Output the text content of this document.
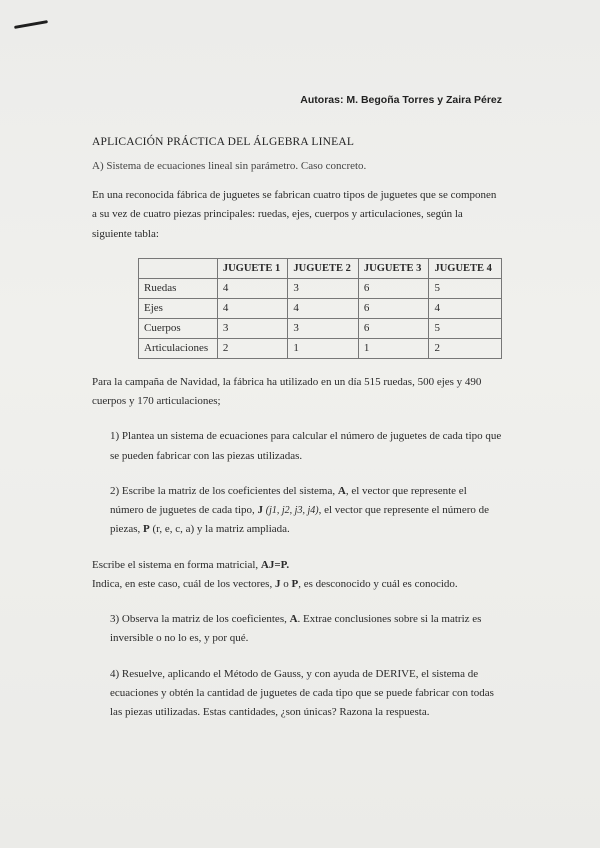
Autoras: M. Begoña Torres y Zaira Pérez
APLICACIÓN PRÁCTICA DEL ÁLGEBRA LINEAL

A) Sistema de ecuaciones lineal sin parámetro. Caso concreto.

En una reconocida fábrica de juguetes se fabrican cuatro tipos de juguetes que se componen a su vez de cuatro piezas principales: ruedas, ejes, cuerpos y articulaciones, según la siguiente tabla:

	JUGUETE 1	JUGUETE 2	JUGUETE 3	JUGUETE 4
Ruedas	4	3	6	5
Ejes	4	4	6	4
Cuerpos	3	3	6	5
Articulaciones	2	1	1	2

Para la campaña de Navidad, la fábrica ha utilizado en un día 515 ruedas, 500 ejes y 490 cuerpos y 170 articulaciones;

1) Plantea un sistema de ecuaciones para calcular el número de juguetes de cada tipo que se pueden fabricar con las piezas utilizadas.

2) Escribe la matriz de los coeficientes del sistema, A, el vector que represente el número de juguetes de cada tipo, J (j1, j2, j3, j4), el vector que represente el número de piezas, P (r, e, c, a) y la matriz ampliada.

Escribe el sistema en forma matricial, AJ=P.
Indica, en este caso, cuál de los vectores, J o P, es desconocido y cuál es conocido.

3) Observa la matriz de los coeficientes, A. Extrae conclusiones sobre si la matriz es inversible o no lo es, y por qué.

4) Resuelve, aplicando el Método de Gauss, y con ayuda de DERIVE, el sistema de ecuaciones y obtén la cantidad de juguetes de cada tipo que se puede fabricar con todas las piezas utilizadas. Estas cantidades, ¿son únicas? Razona la respuesta.
